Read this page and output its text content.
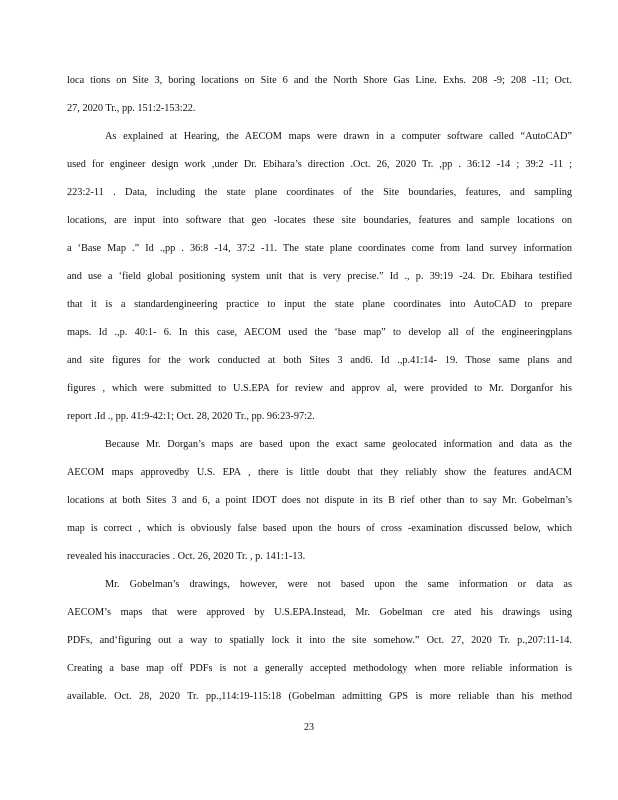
loca tions on Site 3, boring locations on Site 6 and the North Shore Gas Line. Exhs. 208 -9; 208 -11; Oct.
27, 2020 Tr., pp. 151:2-153:22.
As explained at Hearing, the AECOM maps were drawn in a computer software called “AutoCAD”
used for engineer design work ,under Dr. Ebihara’s direction .Oct. 26, 2020 Tr. ,pp . 36:12 -14 ; 39:2 -11 ;
223:2-11 . Data, including the state plane coordinates of the Site boundaries, features, and sampling
locations, are input into software that geo -locates these site boundaries, features and sample locations on
a ‘Base Map .” Id .,pp . 36:8 -14, 37:2 -11. The state plane coordinates come from land survey information
and use a ‘field global positioning system unit that is very precise.” Id ., p. 39:19 -24. Dr. Ebihara testified
that it is a standardengineering practice to input the state plane coordinates into AutoCAD to prepare
maps. Id .,p. 40:1- 6. In this case, AECOM used the ‘base map” to develop all of the engineeringplans
and site figures for the work conducted at both Sites 3 and6. Id .,p.41:14- 19. Those same plans and
figures , which were submitted to U.S.EPA for review and approv al, were provided to Mr. Dorganfor his
report .Id ., pp. 41:9-42:1; Oct. 28, 2020 Tr., pp. 96:23-97:2.
Because Mr. Dorgan’s maps are based upon the exact same geolocated information and data as the
AECOM maps approvedby U.S. EPA , there is little doubt that they reliably show the features andACM
locations at both Sites 3 and 6, a point IDOT does not dispute in its B rief other than to say Mr. Gobelman’s
map is correct , which is obviously false based upon the hours of cross -examination discussed below, which
revealed his inaccuracies . Oct. 26, 2020 Tr. , p. 141:1-13.
Mr. Gobelman’s drawings, however, were not based upon the same information or data as
AECOM’s maps that were approved by U.S.EPA.Instead, Mr. Gobelman cre ated his drawings using
PDFs, and‘figuring out a way to spatially lock it into the site somehow.” Oct. 27, 2020 Tr. p.,207:11-14.
Creating a base map off PDFs is not a generally accepted methodology when more reliable information is
available. Oct. 28, 2020 Tr. pp.,114:19-115:18 (Gobelman admitting GPS is more reliable than his method
23
